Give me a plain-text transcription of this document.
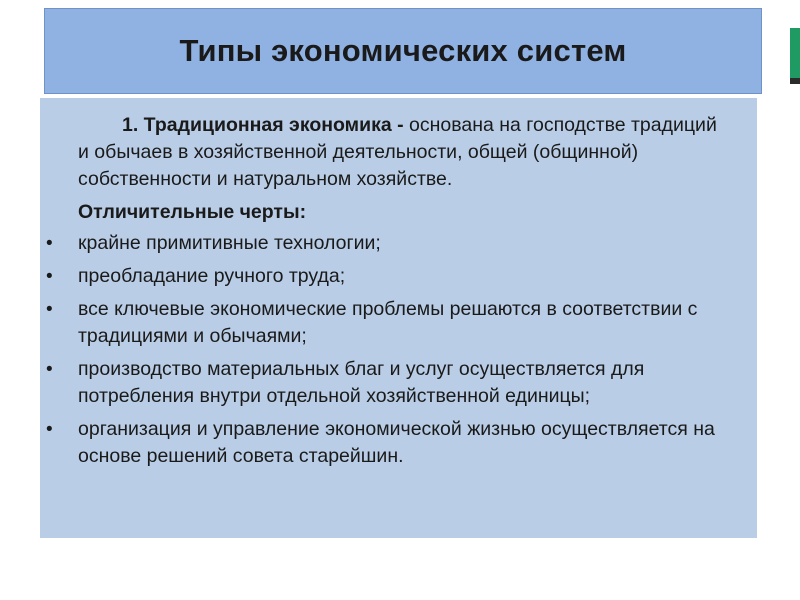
Типы экономических систем

1. Традиционная экономика - основана на господстве традиций и обычаев в хозяйственной деятельности, общей (общинной) собственности и натуральном хозяйстве.

Отличительные черты:

• крайне примитивные технологии;
• преобладание ручного труда;
• все ключевые экономические проблемы решаются в соответствии с традициями и обычаями;
• производство материальных благ и услуг осуществляется для потребления внутри отдельной хозяйственной единицы;
• организация и управление экономической жизнью осуществляется на основе решений совета старейшин.
